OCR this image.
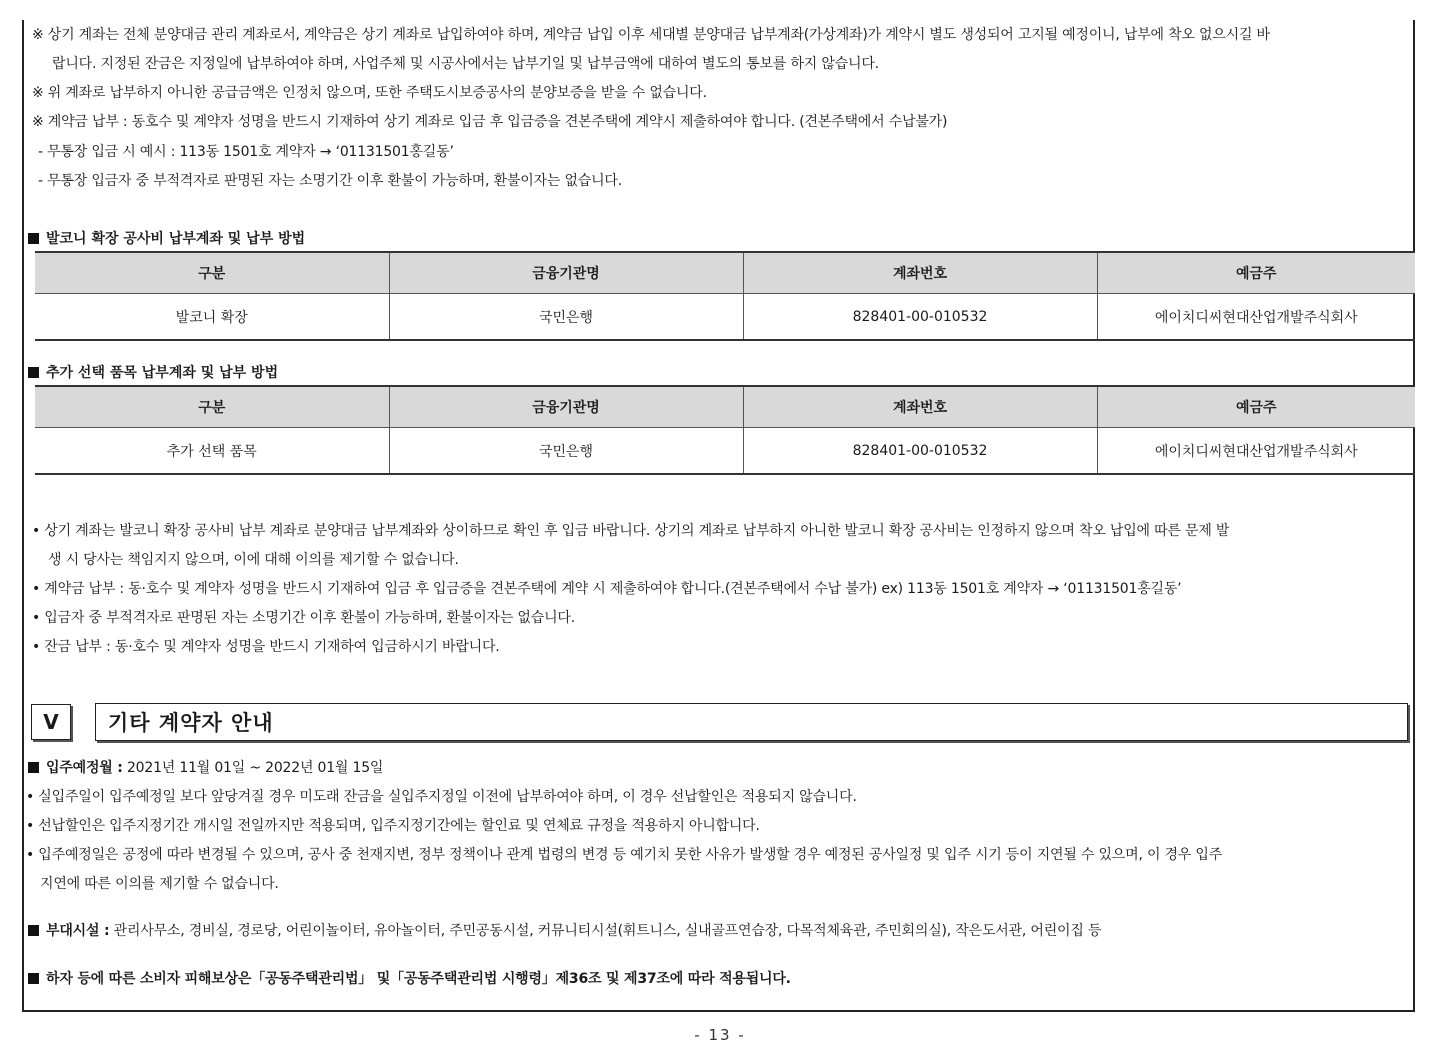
※ 상기 계좌는 전체 분양대금 관리 계좌로서, 계약금은 상기 계좌로 납입하여야 하며, 계약금 납입 이후 세대별 분양대금 납부계좌(가상계좌)가 계약시 별도 생성되어 고지될 예정이니, 납부에 착오 없으시길 바
랍니다. 지정된 잔금은 지정일에 납부하여야 하며, 사업주체 및 시공사에서는 납부기일 및 납부금액에 대하여 별도의 통보를 하지 않습니다.
※ 위 계좌로 납부하지 아니한 공급금액은 인정치 않으며, 또한 주택도시보증공사의 분양보증을 받을 수 없습니다.
※ 계약금 납부 : 동호수 및 계약자 성명을 반드시 기재하여 상기 계좌로 입금 후 입금증을 견본주택에 계약시 제출하여야 합니다. (견본주택에서 수납불가)
- 무통장 입금 시 예시 : 113동 1501호 계약자 → ‘01131501홍길동’
- 무통장 입금자 중 부적격자로 판명된 자는 소명기간 이후 환불이 가능하며, 환불이자는 없습니다.
발코니 확장 공사비 납부계좌 및 납부 방법
구분	금융기관명	계좌번호	예금주
발코니 확장	국민은행	828401-00-010532	에이치디씨현대산업개발주식회사
추가 선택 품목 납부계좌 및 납부 방법
구분	금융기관명	계좌번호	예금주
추가 선택 품목	국민은행	828401-00-010532	에이치디씨현대산업개발주식회사
• 상기 계좌는 발코니 확장 공사비 납부 계좌로 분양대금 납부계좌와 상이하므로 확인 후 입금 바랍니다. 상기의 계좌로 납부하지 아니한 발코니 확장 공사비는 인정하지 않으며 착오 납입에 따른 문제 발
생 시 당사는 책임지지 않으며, 이에 대해 이의를 제기할 수 없습니다.
• 계약금 납부 : 동·호수 및 계약자 성명을 반드시 기재하여 입금 후 입금증을 견본주택에 계약 시 제출하여야 합니다.(견본주택에서 수납 불가) ex) 113동 1501호 계약자 → ‘01131501홍길동’
• 입금자 중 부적격자로 판명된 자는 소명기간 이후 환불이 가능하며, 환불이자는 없습니다.
• 잔금 납부 : 동·호수 및 계약자 성명을 반드시 기재하여 입금하시기 바랍니다.
V	기타 계약자 안내
입주예정월 : 2021년 11월 01일 ~ 2022년 01월 15일
• 실입주일이 입주예정일 보다 앞당겨질 경우 미도래 잔금을 실입주지정일 이전에 납부하여야 하며, 이 경우 선납할인은 적용되지 않습니다.
• 선납할인은 입주지정기간 개시일 전일까지만 적용되며, 입주지정기간에는 할인료 및 연체료 규정을 적용하지 아니합니다.
• 입주예정일은 공정에 따라 변경될 수 있으며, 공사 중 천재지변, 정부 정책이나 관계 법령의 변경 등 예기치 못한 사유가 발생할 경우 예정된 공사일정 및 입주 시기 등이 지연될 수 있으며, 이 경우 입주
지연에 따른 이의를 제기할 수 없습니다.
부대시설 : 관리사무소, 경비실, 경로당, 어린이놀이터, 유아놀이터, 주민공동시설, 커뮤니티시설(휘트니스, 실내골프연습장, 다목적체육관, 주민회의실), 작은도서관, 어린이집 등
하자 등에 따른 소비자 피해보상은「공동주택관리법」 및「공동주택관리법 시행령」제36조 및 제37조에 따라 적용됩니다.
- 13 -
